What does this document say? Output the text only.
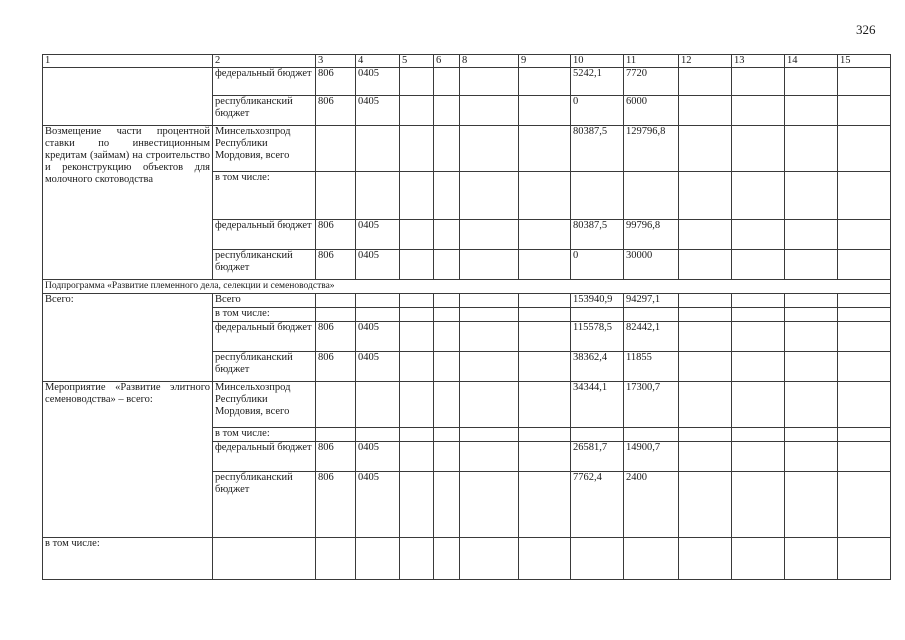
326
1	2	3	4	5	6	8	9	10	11	12	13	14	15
	федеральный бюджет	806	0405					5242,1	7720				
	республиканский бюджет	806	0405					0	6000				
Возмещение части процентной ставки по инвестиционным кредитам (займам) на строительство и реконструкцию объектов для молочного скотоводства	Минсельхозпрод Республики Мордовия, всего							80387,5	129796,8				
	в том числе:												
	федеральный бюджет	806	0405					80387,5	99796,8				
	республиканский бюджет	806	0405					0	30000				
Подпрограмма «Развитие племенного дела, селекции и семеноводства»													
Всего:	Всего							153940,9	94297,1				
	в том числе:												
	федеральный бюджет	806	0405					115578,5	82442,1				
	республиканский бюджет	806	0405					38362,4	11855				
Мероприятие «Развитие элитного семеноводства» – всего:	Минсельхозпрод Республики Мордовия, всего							34344,1	17300,7				
	в том числе:												
	федеральный бюджет	806	0405					26581,7	14900,7				
	республиканский бюджет	806	0405					7762,4	2400				
в том числе:													
